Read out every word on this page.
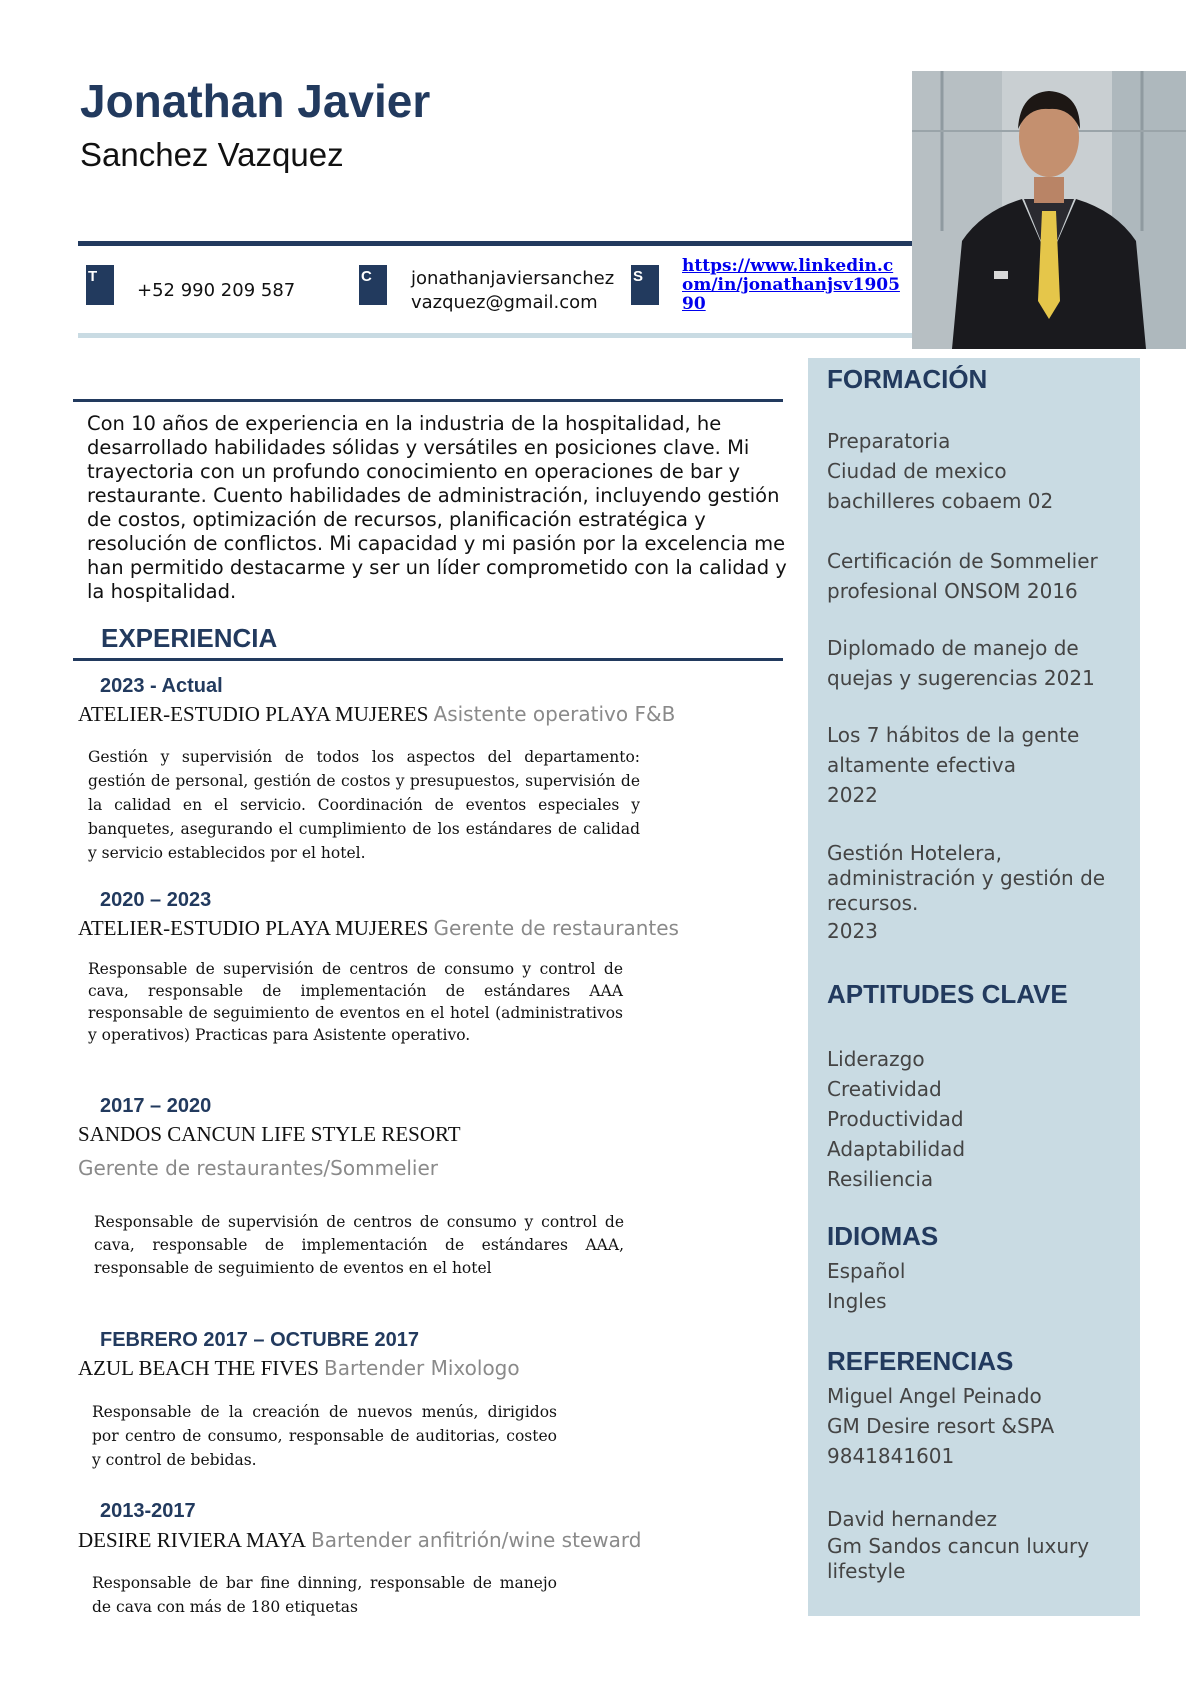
Jonathan Javier
Sanchez Vazquez
T
+52 990 209 587
C	jonathanjaviersanchez
vazquez@gmail.com
S
https://www.linkedin.com/in/jonathanjsv190590
FORMACIÓN
Preparatoria
Ciudad de mexico
bachilleres cobaem 02
Certificación de Sommelier
profesional ONSOM 2016
Diplomado de manejo de
quejas y sugerencias 2021
Los 7 hábitos de la gente
altamente efectiva
2022
Gestión Hotelera,
administración y gestión de
recursos.
2023
APTITUDES CLAVE
Liderazgo
Creatividad
Productividad
Adaptabilidad
Resiliencia
IDIOMAS
Español
Ingles
REFERENCIAS
Miguel Angel Peinado
GM Desire resort &SPA
9841841601
David hernandez
Gm Sandos cancun luxury
lifestyle
Con 10 años de experiencia en la industria de la hospitalidad, he desarrollado habilidades sólidas y versátiles en posiciones clave. Mi trayectoria con un profundo conocimiento en operaciones de bar y restaurante. Cuento habilidades de administración, incluyendo gestión de costos, optimización de recursos, planificación estratégica y resolución de conflictos. Mi capacidad y mi pasión por la excelencia me han permitido destacarme y ser un líder comprometido con la calidad y la hospitalidad.
EXPERIENCIA
2023 - Actual
ATELIER-ESTUDIO PLAYA MUJERES Asistente operativo F&B
Gestión y supervisión de todos los aspectos del departamento: gestión de personal, gestión de costos y presupuestos, supervisión de la calidad en el servicio. Coordinación de eventos especiales y banquetes, asegurando el cumplimiento de los estándares de calidad y servicio establecidos por el hotel.
2020 – 2023
ATELIER-ESTUDIO PLAYA MUJERES Gerente de restaurantes
Responsable de supervisión de centros de consumo y control de cava, responsable de implementación de estándares AAA responsable de seguimiento de eventos en el hotel (administrativos y operativos) Practicas para Asistente operativo.
2017 – 2020
SANDOS CANCUN LIFE STYLE RESORT
Gerente de restaurantes/Sommelier
Responsable de supervisión de centros de consumo y control de cava, responsable de implementación de estándares AAA, responsable de seguimiento de eventos en el hotel
FEBRERO 2017 – OCTUBRE 2017
AZUL BEACH THE FIVES Bartender Mixologo
Responsable de la creación de nuevos menús, dirigidos por centro de consumo, responsable de auditorias, costeo y control de bebidas.
2013-2017
DESIRE RIVIERA MAYA Bartender anfitrión/wine steward
Responsable de bar fine dinning, responsable de manejo de cava con más de 180 etiquetas
